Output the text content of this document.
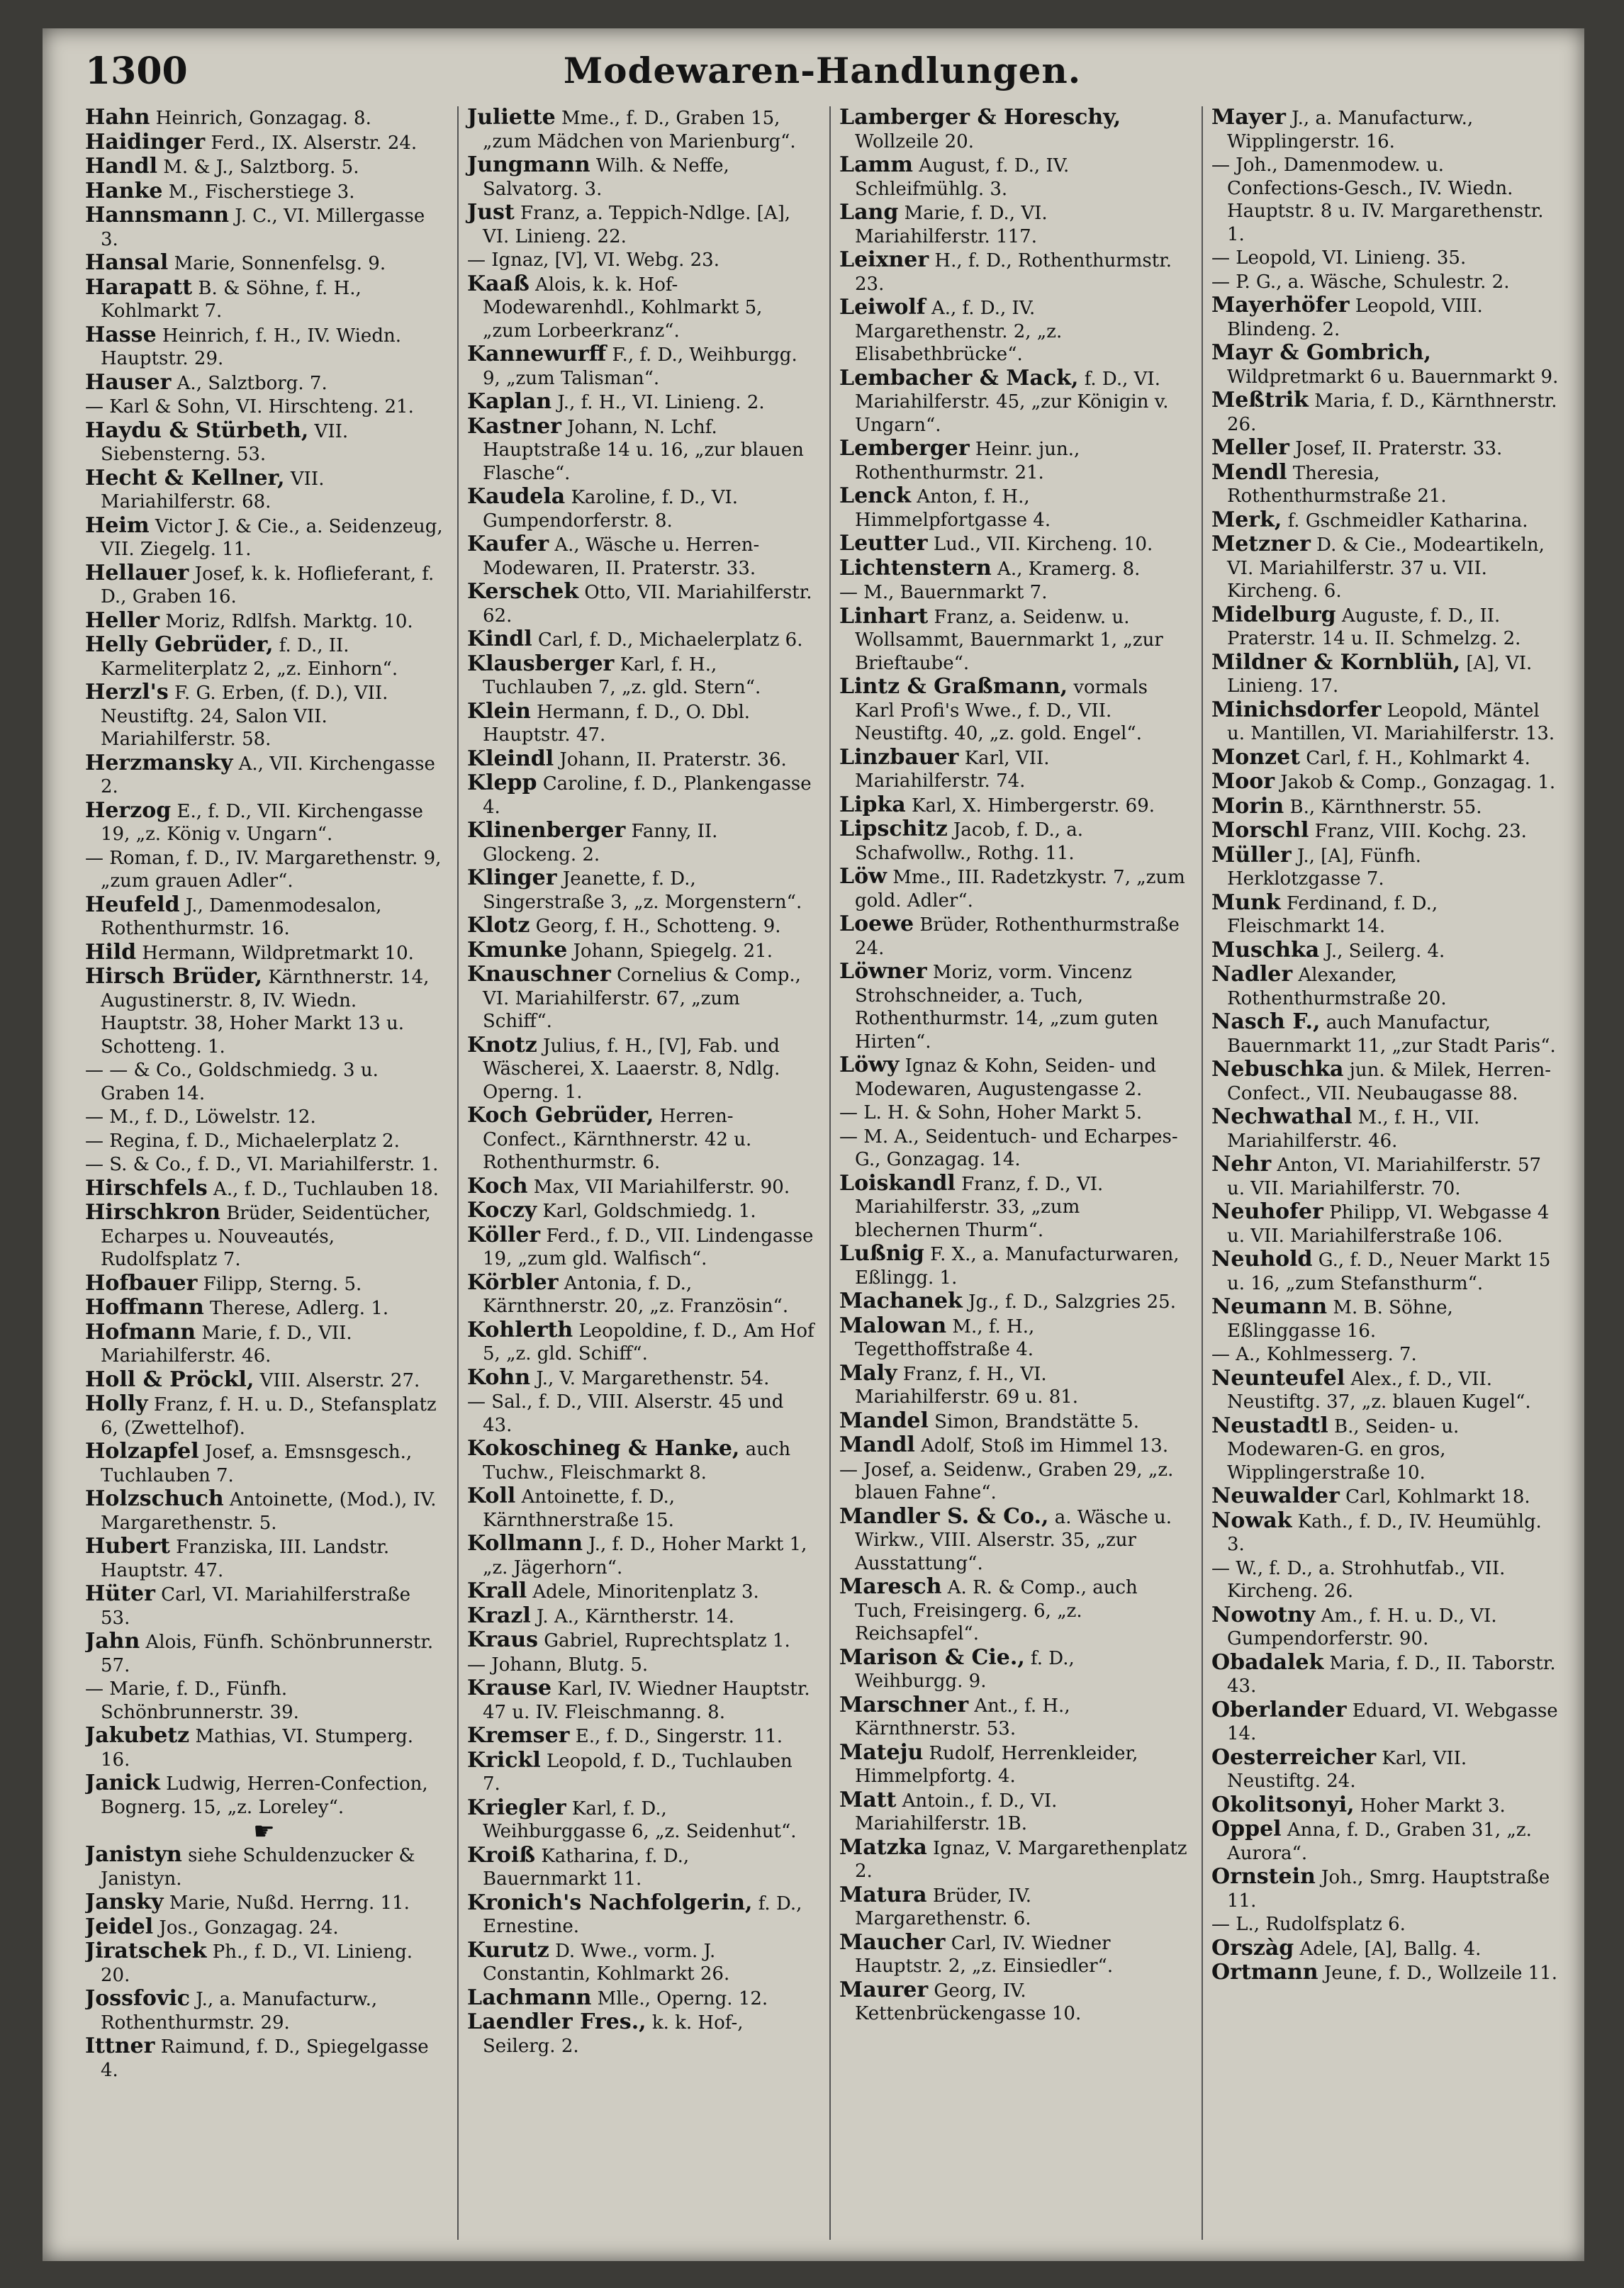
1300	Modewaren-Handlungen.
Hahn Heinrich, Gonzagag. 8.
Haidinger Ferd., IX. Alserstr. 24.
Handl M. & J., Salztborg. 5.
Hanke M., Fischerstiege 3.
Hannsmann J. C., VI. Millergasse 3.
Hansal Marie, Sonnenfelsg. 9.
Harapatt B. & Söhne, f. H., Kohlmarkt 7.
Hasse Heinrich, f. H., IV. Wiedn. Hauptstr. 29.
Hauser A., Salztborg. 7.
— Karl & Sohn, VI. Hirschteng. 21.
Haydu & Stürbeth, VII. Siebensterng. 53.
Hecht & Kellner, VII. Mariahilferstr. 68.
Heim Victor J. & Cie., a. Seidenzeug, VII. Ziegelg. 11.
Hellauer Josef, k. k. Hoflieferant, f. D., Graben 16.
Heller Moriz, Rdlfsh. Marktg. 10.
Helly Gebrüder, f. D., II. Karmeliterplatz 2, „z. Einhorn“.
Herzl's F. G. Erben, (f. D.), VII. Neustiftg. 24, Salon VII. Mariahilferstr. 58.
Herzmansky A., VII. Kirchengasse 2.
Herzog E., f. D., VII. Kirchengasse 19, „z. König v. Ungarn“.
— Roman, f. D., IV. Margarethenstr. 9, „zum grauen Adler“.
Heufeld J., Damenmodesalon, Rothenthurmstr. 16.
Hild Hermann, Wildpretmarkt 10.
Hirsch Brüder, Kärnthnerstr. 14, Augustinerstr. 8, IV. Wiedn. Hauptstr. 38, Hoher Markt 13 u. Schotteng. 1.
— — & Co., Goldschmiedg. 3 u. Graben 14.
— M., f. D., Löwelstr. 12.
— Regina, f. D., Michaelerplatz 2.
— S. & Co., f. D., VI. Mariahilferstr. 1.
Hirschfels A., f. D., Tuchlauben 18.
Hirschkron Brüder, Seidentücher, Echarpes u. Nouveautés, Rudolfsplatz 7.
Hofbauer Filipp, Sterng. 5.
Hoffmann Therese, Adlerg. 1.
Hofmann Marie, f. D., VII. Mariahilferstr. 46.
Holl & Pröckl, VIII. Alserstr. 27.
Holly Franz, f. H. u. D., Stefansplatz 6, (Zwettelhof).
Holzapfel Josef, a. Emsnsgesch., Tuchlauben 7.
Holzschuch Antoinette, (Mod.), IV. Margarethenstr. 5.
Hubert Franziska, III. Landstr. Hauptstr. 47.
Hüter Carl, VI. Mariahilferstraße 53.
Jahn Alois, Fünfh. Schönbrunnerstr. 57.
— Marie, f. D., Fünfh. Schönbrunnerstr. 39.
Jakubetz Mathias, VI. Stumperg. 16.
Janick Ludwig, Herren-Confection, Bognerg. 15, „z. Loreley“.
☛
Janistyn siehe Schuldenzucker & Janistyn.
Jansky Marie, Nußd. Herrng. 11.
Jeidel Jos., Gonzagag. 24.
Jiratschek Ph., f. D., VI. Linieng. 20.
Jossfovic J., a. Manufacturw., Rothenthurmstr. 29.
Ittner Raimund, f. D., Spiegelgasse 4.
Juliette Mme., f. D., Graben 15, „zum Mädchen von Marienburg“.
Jungmann Wilh. & Neffe, Salvatorg. 3.
Just Franz, a. Teppich-Ndlge. [A], VI. Linieng. 22.
— Ignaz, [V], VI. Webg. 23.
Kaaß Alois, k. k. Hof-Modewarenhdl., Kohlmarkt 5, „zum Lorbeerkranz“.
Kannewurff F., f. D., Weihburgg. 9, „zum Talisman“.
Kaplan J., f. H., VI. Linieng. 2.
Kastner Johann, N. Lchf. Hauptstraße 14 u. 16, „zur blauen Flasche“.
Kaudela Karoline, f. D., VI. Gumpendorferstr. 8.
Kaufer A., Wäsche u. Herren-Modewaren, II. Praterstr. 33.
Kerschek Otto, VII. Mariahilferstr. 62.
Kindl Carl, f. D., Michaelerplatz 6.
Klausberger Karl, f. H., Tuchlauben 7, „z. gld. Stern“.
Klein Hermann, f. D., O. Dbl. Hauptstr. 47.
Kleindl Johann, II. Praterstr. 36.
Klepp Caroline, f. D., Plankengasse 4.
Klinenberger Fanny, II. Glockeng. 2.
Klinger Jeanette, f. D., Singerstraße 3, „z. Morgenstern“.
Klotz Georg, f. H., Schotteng. 9.
Kmunke Johann, Spiegelg. 21.
Knauschner Cornelius & Comp., VI. Mariahilferstr. 67, „zum Schiff“.
Knotz Julius, f. H., [V], Fab. und Wäscherei, X. Laaerstr. 8, Ndlg. Operng. 1.
Koch Gebrüder, Herren-Confect., Kärnthnerstr. 42 u. Rothenthurmstr. 6.
Koch Max, VII Mariahilferstr. 90.
Koczy Karl, Goldschmiedg. 1.
Köller Ferd., f. D., VII. Lindengasse 19, „zum gld. Walfisch“.
Körbler Antonia, f. D., Kärnthnerstr. 20, „z. Französin“.
Kohlerth Leopoldine, f. D., Am Hof 5, „z. gld. Schiff“.
Kohn J., V. Margarethenstr. 54.
— Sal., f. D., VIII. Alserstr. 45 und 43.
Kokoschineg & Hanke, auch Tuchw., Fleischmarkt 8.
Koll Antoinette, f. D., Kärnthnerstraße 15.
Kollmann J., f. D., Hoher Markt 1, „z. Jägerhorn“.
Krall Adele, Minoritenplatz 3.
Krazl J. A., Kärntherstr. 14.
Kraus Gabriel, Ruprechtsplatz 1.
— Johann, Blutg. 5.
Krause Karl, IV. Wiedner Hauptstr. 47 u. IV. Fleischmanng. 8.
Kremser E., f. D., Singerstr. 11.
Krickl Leopold, f. D., Tuchlauben 7.
Kriegler Karl, f. D., Weihburggasse 6, „z. Seidenhut“.
Kroiß Katharina, f. D., Bauernmarkt 11.
Kronich's Nachfolgerin, f. D., Ernestine.
Kurutz D. Wwe., vorm. J. Constantin, Kohlmarkt 26.
Lachmann Mlle., Operng. 12.
Laendler Fres., k. k. Hof-, Seilerg. 2.
Lamberger & Horeschy, Wollzeile 20.
Lamm August, f. D., IV. Schleifmühlg. 3.
Lang Marie, f. D., VI. Mariahilferstr. 117.
Leixner H., f. D., Rothenthurmstr. 23.
Leiwolf A., f. D., IV. Margarethenstr. 2, „z. Elisabethbrücke“.
Lembacher & Mack, f. D., VI. Mariahilferstr. 45, „zur Königin v. Ungarn“.
Lemberger Heinr. jun., Rothenthurmstr. 21.
Lenck Anton, f. H., Himmelpfortgasse 4.
Leutter Lud., VII. Kircheng. 10.
Lichtenstern A., Kramerg. 8.
— M., Bauernmarkt 7.
Linhart Franz, a. Seidenw. u. Wollsammt, Bauernmarkt 1, „zur Brieftaube“.
Lintz & Graßmann, vormals Karl Profi's Wwe., f. D., VII. Neustiftg. 40, „z. gold. Engel“.
Linzbauer Karl, VII. Mariahilferstr. 74.
Lipka Karl, X. Himbergerstr. 69.
Lipschitz Jacob, f. D., a. Schafwollw., Rothg. 11.
Löw Mme., III. Radetzkystr. 7, „zum gold. Adler“.
Loewe Brüder, Rothenthurmstraße 24.
Löwner Moriz, vorm. Vincenz Strohschneider, a. Tuch, Rothenthurmstr. 14, „zum guten Hirten“.
Löwy Ignaz & Kohn, Seiden- und Modewaren, Augustengasse 2.
— L. H. & Sohn, Hoher Markt 5.
— M. A., Seidentuch- und Echarpes-G., Gonzagag. 14.
Loiskandl Franz, f. D., VI. Mariahilferstr. 33, „zum blechernen Thurm“.
Lußnig F. X., a. Manufacturwaren, Eßlingg. 1.
Machanek Jg., f. D., Salzgries 25.
Malowan M., f. H., Tegetthoffstraße 4.
Maly Franz, f. H., VI. Mariahilferstr. 69 u. 81.
Mandel Simon, Brandstätte 5.
Mandl Adolf, Stoß im Himmel 13.
— Josef, a. Seidenw., Graben 29, „z. blauen Fahne“.
Mandler S. & Co., a. Wäsche u. Wirkw., VIII. Alserstr. 35, „zur Ausstattung“.
Maresch A. R. & Comp., auch Tuch, Freisingerg. 6, „z. Reichsapfel“.
Marison & Cie., f. D., Weihburgg. 9.
Marschner Ant., f. H., Kärnthnerstr. 53.
Mateju Rudolf, Herrenkleider, Himmelpfortg. 4.
Matt Antoin., f. D., VI. Mariahilferstr. 1B.
Matzka Ignaz, V. Margarethenplatz 2.
Matura Brüder, IV. Margarethenstr. 6.
Maucher Carl, IV. Wiedner Hauptstr. 2, „z. Einsiedler“.
Maurer Georg, IV. Kettenbrückengasse 10.
Mayer J., a. Manufacturw., Wipplingerstr. 16.
— Joh., Damenmodew. u. Confections-Gesch., IV. Wiedn. Hauptstr. 8 u. IV. Margarethenstr. 1.
— Leopold, VI. Linieng. 35.
— P. G., a. Wäsche, Schulestr. 2.
Mayerhöfer Leopold, VIII. Blindeng. 2.
Mayr & Gombrich, Wildpretmarkt 6 u. Bauernmarkt 9.
Meßtrik Maria, f. D., Kärnthnerstr. 26.
Meller Josef, II. Praterstr. 33.
Mendl Theresia, Rothenthurmstraße 21.
Merk, f. Gschmeidler Katharina.
Metzner D. & Cie., Modeartikeln, VI. Mariahilferstr. 37 u. VII. Kircheng. 6.
Midelburg Auguste, f. D., II. Praterstr. 14 u. II. Schmelzg. 2.
Mildner & Kornblüh, [A], VI. Linieng. 17.
Minichsdorfer Leopold, Mäntel u. Mantillen, VI. Mariahilferstr. 13.
Monzet Carl, f. H., Kohlmarkt 4.
Moor Jakob & Comp., Gonzagag. 1.
Morin B., Kärnthnerstr. 55.
Morschl Franz, VIII. Kochg. 23.
Müller J., [A], Fünfh. Herklotzgasse 7.
Munk Ferdinand, f. D., Fleischmarkt 14.
Muschka J., Seilerg. 4.
Nadler Alexander, Rothenthurmstraße 20.
Nasch F., auch Manufactur, Bauernmarkt 11, „zur Stadt Paris“.
Nebuschka jun. & Milek, Herren-Confect., VII. Neubaugasse 88.
Nechwathal M., f. H., VII. Mariahilferstr. 46.
Nehr Anton, VI. Mariahilferstr. 57 u. VII. Mariahilferstr. 70.
Neuhofer Philipp, VI. Webgasse 4 u. VII. Mariahilferstraße 106.
Neuhold G., f. D., Neuer Markt 15 u. 16, „zum Stefansthurm“.
Neumann M. B. Söhne, Eßlinggasse 16.
— A., Kohlmesserg. 7.
Neunteufel Alex., f. D., VII. Neustiftg. 37, „z. blauen Kugel“.
Neustadtl B., Seiden- u. Modewaren-G. en gros, Wipplingerstraße 10.
Neuwalder Carl, Kohlmarkt 18.
Nowak Kath., f. D., IV. Heumühlg. 3.
— W., f. D., a. Strohhutfab., VII. Kircheng. 26.
Nowotny Am., f. H. u. D., VI. Gumpendorferstr. 90.
Obadalek Maria, f. D., II. Taborstr. 43.
Oberlander Eduard, VI. Webgasse 14.
Oesterreicher Karl, VII. Neustiftg. 24.
Okolitsonyi, Hoher Markt 3.
Oppel Anna, f. D., Graben 31, „z. Aurora“.
Ornstein Joh., Smrg. Hauptstraße 11.
— L., Rudolfsplatz 6.
Orszàg Adele, [A], Ballg. 4.
Ortmann Jeune, f. D., Wollzeile 11.
